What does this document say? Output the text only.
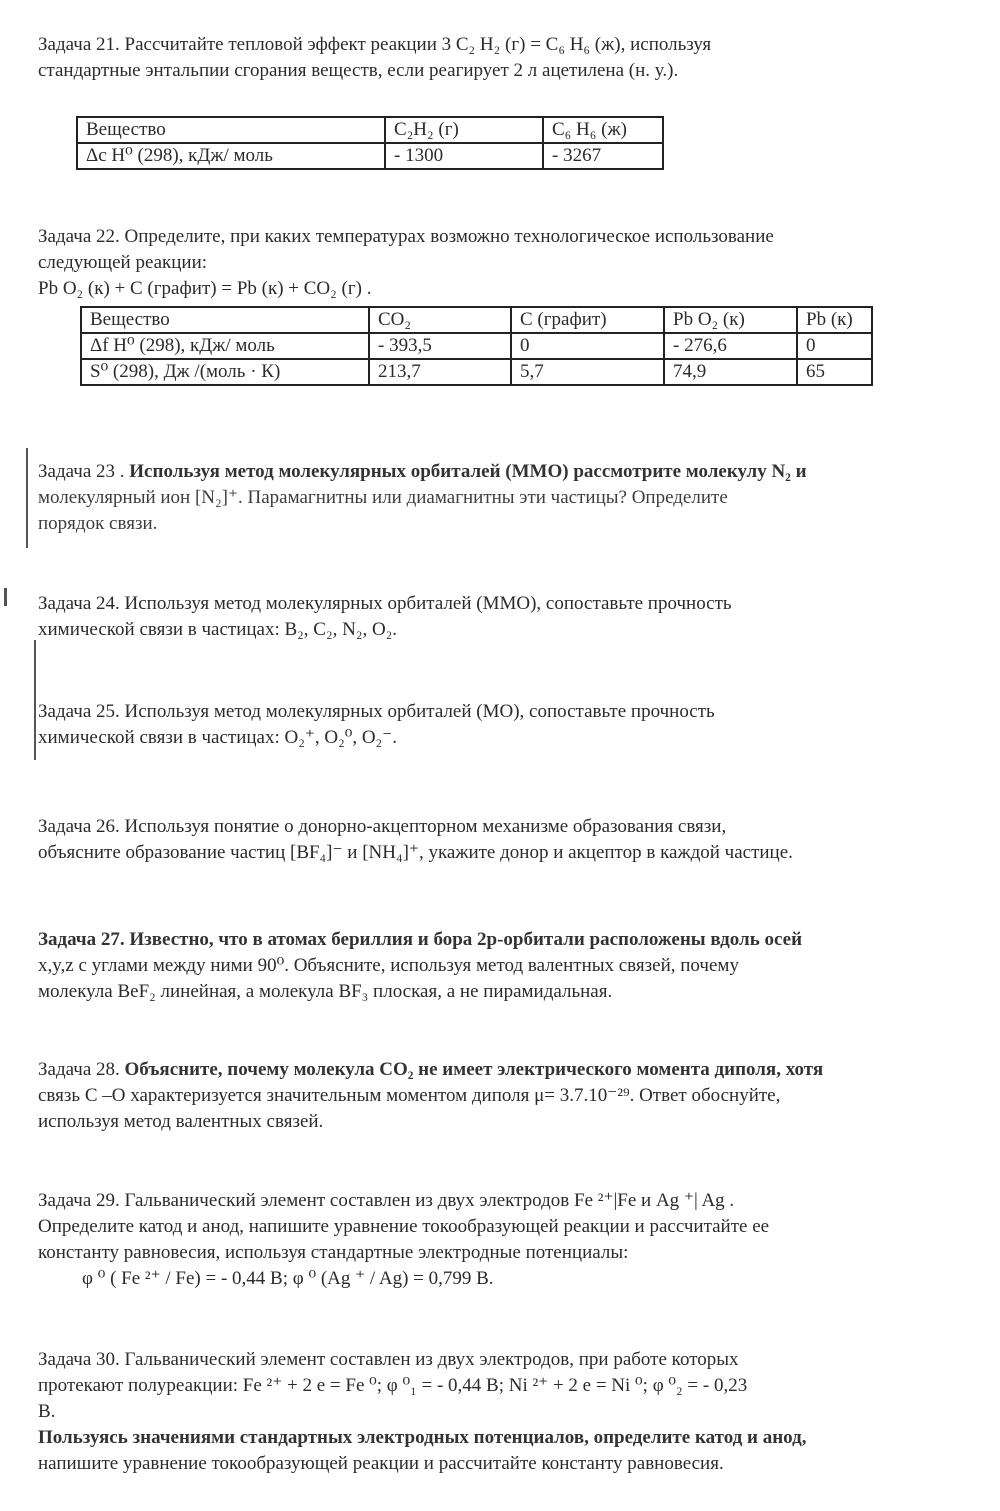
Задача 21. Рассчитайте тепловой эффект реакции 3 C₂ H₂ (г) = C₆ H₆ (ж), используя

стандартные энтальпии сгорания веществ, если реагирует 2 л ацетилена (н. у.).

Вещество	C₂H₂ (г)	C₆ H₆ (ж)
Δc H⁰ (298), кДж/ моль	- 1300	- 3267

Задача 22. Определите, при каких температурах возможно технологическое использование

следующей реакции:

Pb O₂ (к) + C (графит) = Pb (к) + CO₂ (г) .

Вещество	CO₂	C (графит)	Pb O₂ (к)	Pb (к)
Δf H⁰ (298), кДж/ моль	- 393,5	0	- 276,6	0
S⁰ (298), Дж /(моль · К)	213,7	5,7	74,9	65

Задача 23 . Используя метод молекулярных орбиталей (ММО) рассмотрите молекулу N₂ и

молекулярный ион [N₂]⁺. Парамагнитны или диамагнитны эти частицы? Определите

порядок связи.

Задача 24. Используя метод молекулярных орбиталей (ММО), сопоставьте прочность

химической связи в частицах: B₂, C₂, N₂, O₂.

Задача 25. Используя метод молекулярных орбиталей (МО), сопоставьте прочность

химической связи в частицах: O₂⁺, O₂⁰, O₂⁻.

Задача 26. Используя понятие о донорно-акцепторном механизме образования связи,

объясните образование частиц [BF₄]⁻ и [NH₄]⁺, укажите донор и акцептор в каждой частице.

Задача 27. Известно, что в атомах бериллия и бора 2p-орбитали расположены вдоль осей

x,y,z с углами между ними 90⁰. Объясните, используя метод валентных связей, почему

молекула BeF₂ линейная, а молекула BF₃ плоская, а не пирамидальная.

Задача 28. Объясните, почему молекула CO₂ не имеет электрического момента диполя, хотя

связь C –O характеризуется значительным моментом диполя μ= 3.7.10⁻²⁹. Ответ обоснуйте,

используя метод валентных связей.

Задача 29. Гальванический элемент составлен из двух электродов Fe ²⁺|Fe и Ag ⁺| Ag .

Определите катод и анод, напишите уравнение токообразующей реакции и рассчитайте ее

константу равновесия, используя стандартные электродные потенциалы:

φ ⁰ ( Fe ²⁺ / Fe) = - 0,44 В; φ ⁰ (Ag ⁺ / Ag) = 0,799 В.

Задача 30. Гальванический элемент составлен из двух электродов, при работе которых

протекают полуреакции: Fe ²⁺ + 2 e = Fe ⁰; φ ⁰₁ = - 0,44 В; Ni ²⁺ + 2 e = Ni ⁰; φ ⁰₂ = - 0,23

В.

Пользуясь значениями стандартных электродных потенциалов, определите катод и анод,

напишите уравнение токообразующей реакции и рассчитайте константу равновесия.
